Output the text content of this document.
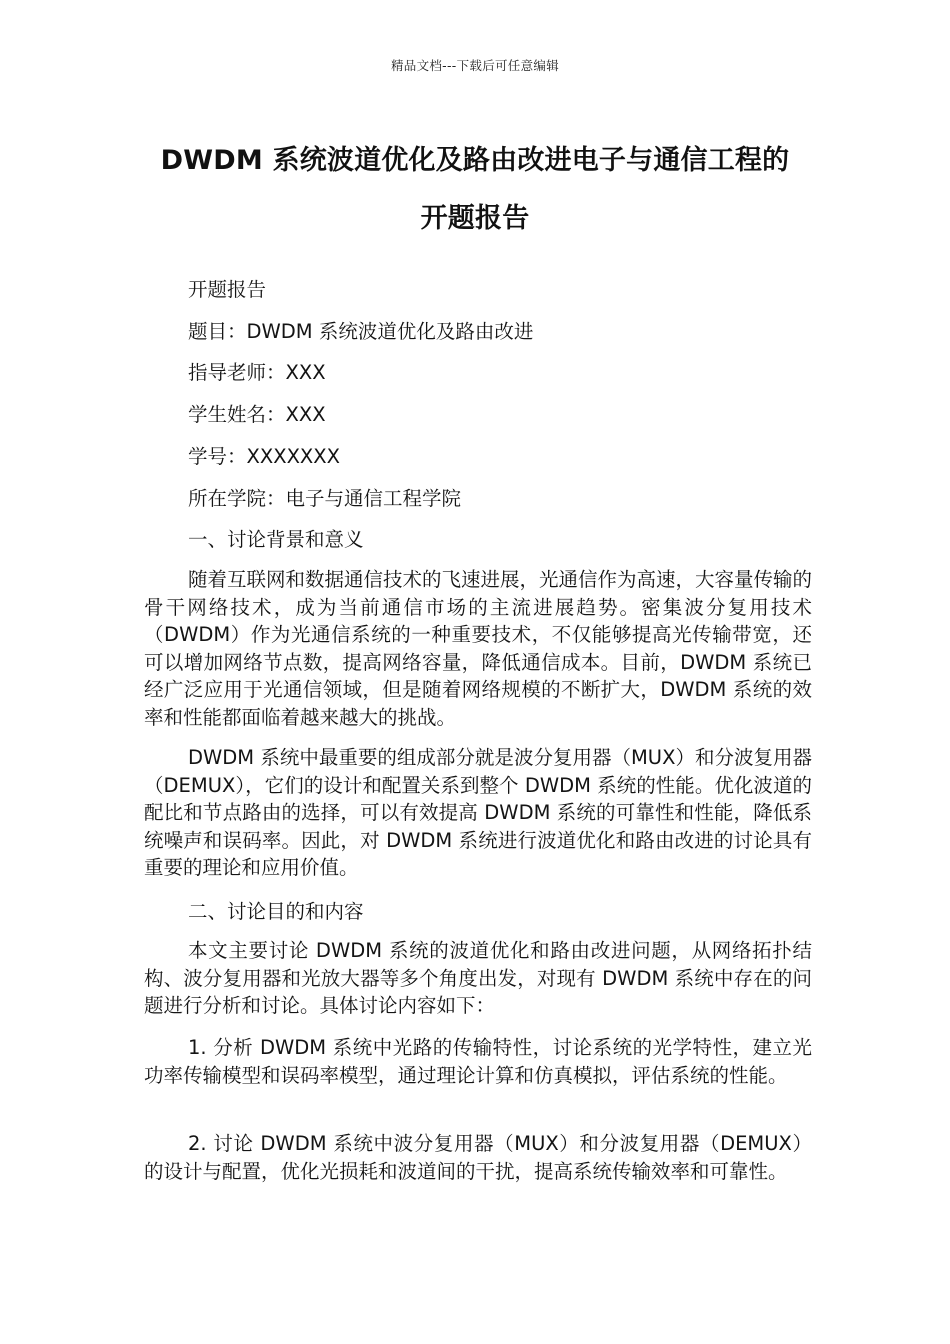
精品文档---下载后可任意编辑
DWDM 系统波道优化及路由改进电子与通信工程的
开题报告
开题报告
题目：DWDM 系统波道优化及路由改进
指导老师：XXX
学生姓名：XXX
学号：XXXXXXX
所在学院：电子与通信工程学院
一、讨论背景和意义
随着互联网和数据通信技术的飞速进展，光通信作为高速，大容量传输的骨干网络技术，成为当前通信市场的主流进展趋势。密集波分复用技术（DWDM）作为光通信系统的一种重要技术，不仅能够提高光传输带宽，还可以增加网络节点数，提高网络容量，降低通信成本。目前，DWDM 系统已经广泛应用于光通信领域，但是随着网络规模的不断扩大，DWDM 系统的效率和性能都面临着越来越大的挑战。
DWDM 系统中最重要的组成部分就是波分复用器（MUX）和分波复用器（DEMUX），它们的设计和配置关系到整个 DWDM 系统的性能。优化波道的配比和节点路由的选择，可以有效提高 DWDM 系统的可靠性和性能，降低系统噪声和误码率。因此，对 DWDM 系统进行波道优化和路由改进的讨论具有重要的理论和应用价值。
二、讨论目的和内容
本文主要讨论 DWDM 系统的波道优化和路由改进问题，从网络拓扑结构、波分复用器和光放大器等多个角度出发，对现有 DWDM 系统中存在的问题进行分析和讨论。具体讨论内容如下：
1. 分析 DWDM 系统中光路的传输特性，讨论系统的光学特性，建立光功率传输模型和误码率模型，通过理论计算和仿真模拟，评估系统的性能。
2. 讨论 DWDM 系统中波分复用器（MUX）和分波复用器（DEMUX）的设计与配置，优化光损耗和波道间的干扰，提高系统传输效率和可靠性。
